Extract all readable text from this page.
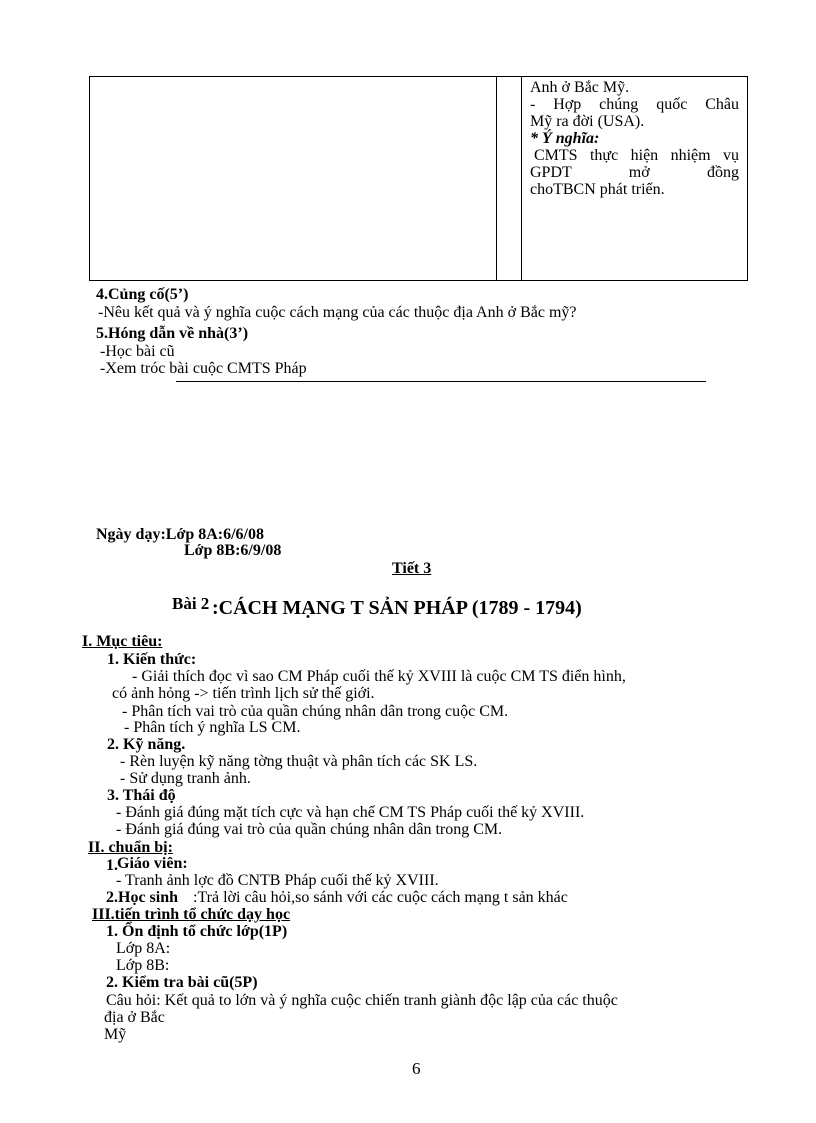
Anh ở Bắc Mỹ.
- Hợp chúng quốc Châu
Mỹ ra đời (USA).
* Ý nghĩa:
CMTS thực hiện nhiệm vụ
GPDT mở đồng
choTBCN phát triển.
4.Củng cố(5’)
-Nêu kết quả và ý nghĩa cuộc cách mạng của các thuộc địa Anh ở Bắc mỹ?
5.Hóng dẫn về nhà(3’)
-Học bài cũ
-Xem tróc bài cuộc CMTS Pháp
Ngày dạy:Lớp 8A:6/6/08
Lớp 8B:6/9/08
Tiết 3
Bài 2 :CÁCH MẠNG T SẢN PHÁP (1789 - 1794)
I. Mục tiêu:
1. Kiến thức:
- Giải thích đọc vì sao CM Pháp cuối thế kỷ XVIII là cuộc CM TS điển hình,
có ảnh hỏng -> tiến trình lịch sử thế giới.
- Phân tích vai trò của quần chúng nhân dân trong cuộc CM.
- Phân tích ý nghĩa LS CM.
2. Kỹ năng.
- Rèn luyện kỹ năng tờng thuật và phân tích các SK LS.
- Sử dụng tranh ảnh.
3. Thái độ
- Đánh giá đúng mặt tích cực và hạn chế CM TS Pháp cuối thế kỷ XVIII.
- Đánh giá đúng vai trò của quần chúng nhân dân trong CM.
II. chuẩn bị:
1. Giáo viên:
- Tranh ảnh lợc đồ CNTB Pháp cuối thế kỷ XVIII.
2.Học sinh :Trả lời câu hỏi,so sánh với các cuộc cách mạng t sản khác
III.tiến trình tổ chức dạy học
1. Ổn định tổ chức lớp(1P)
Lớp 8A:
Lớp 8B:
2. Kiểm tra bài cũ(5P)
Câu hỏi: Kết quả to lớn và ý nghĩa cuộc chiến tranh giành độc lập của các thuộc
địa ở Bắc
Mỹ
6
